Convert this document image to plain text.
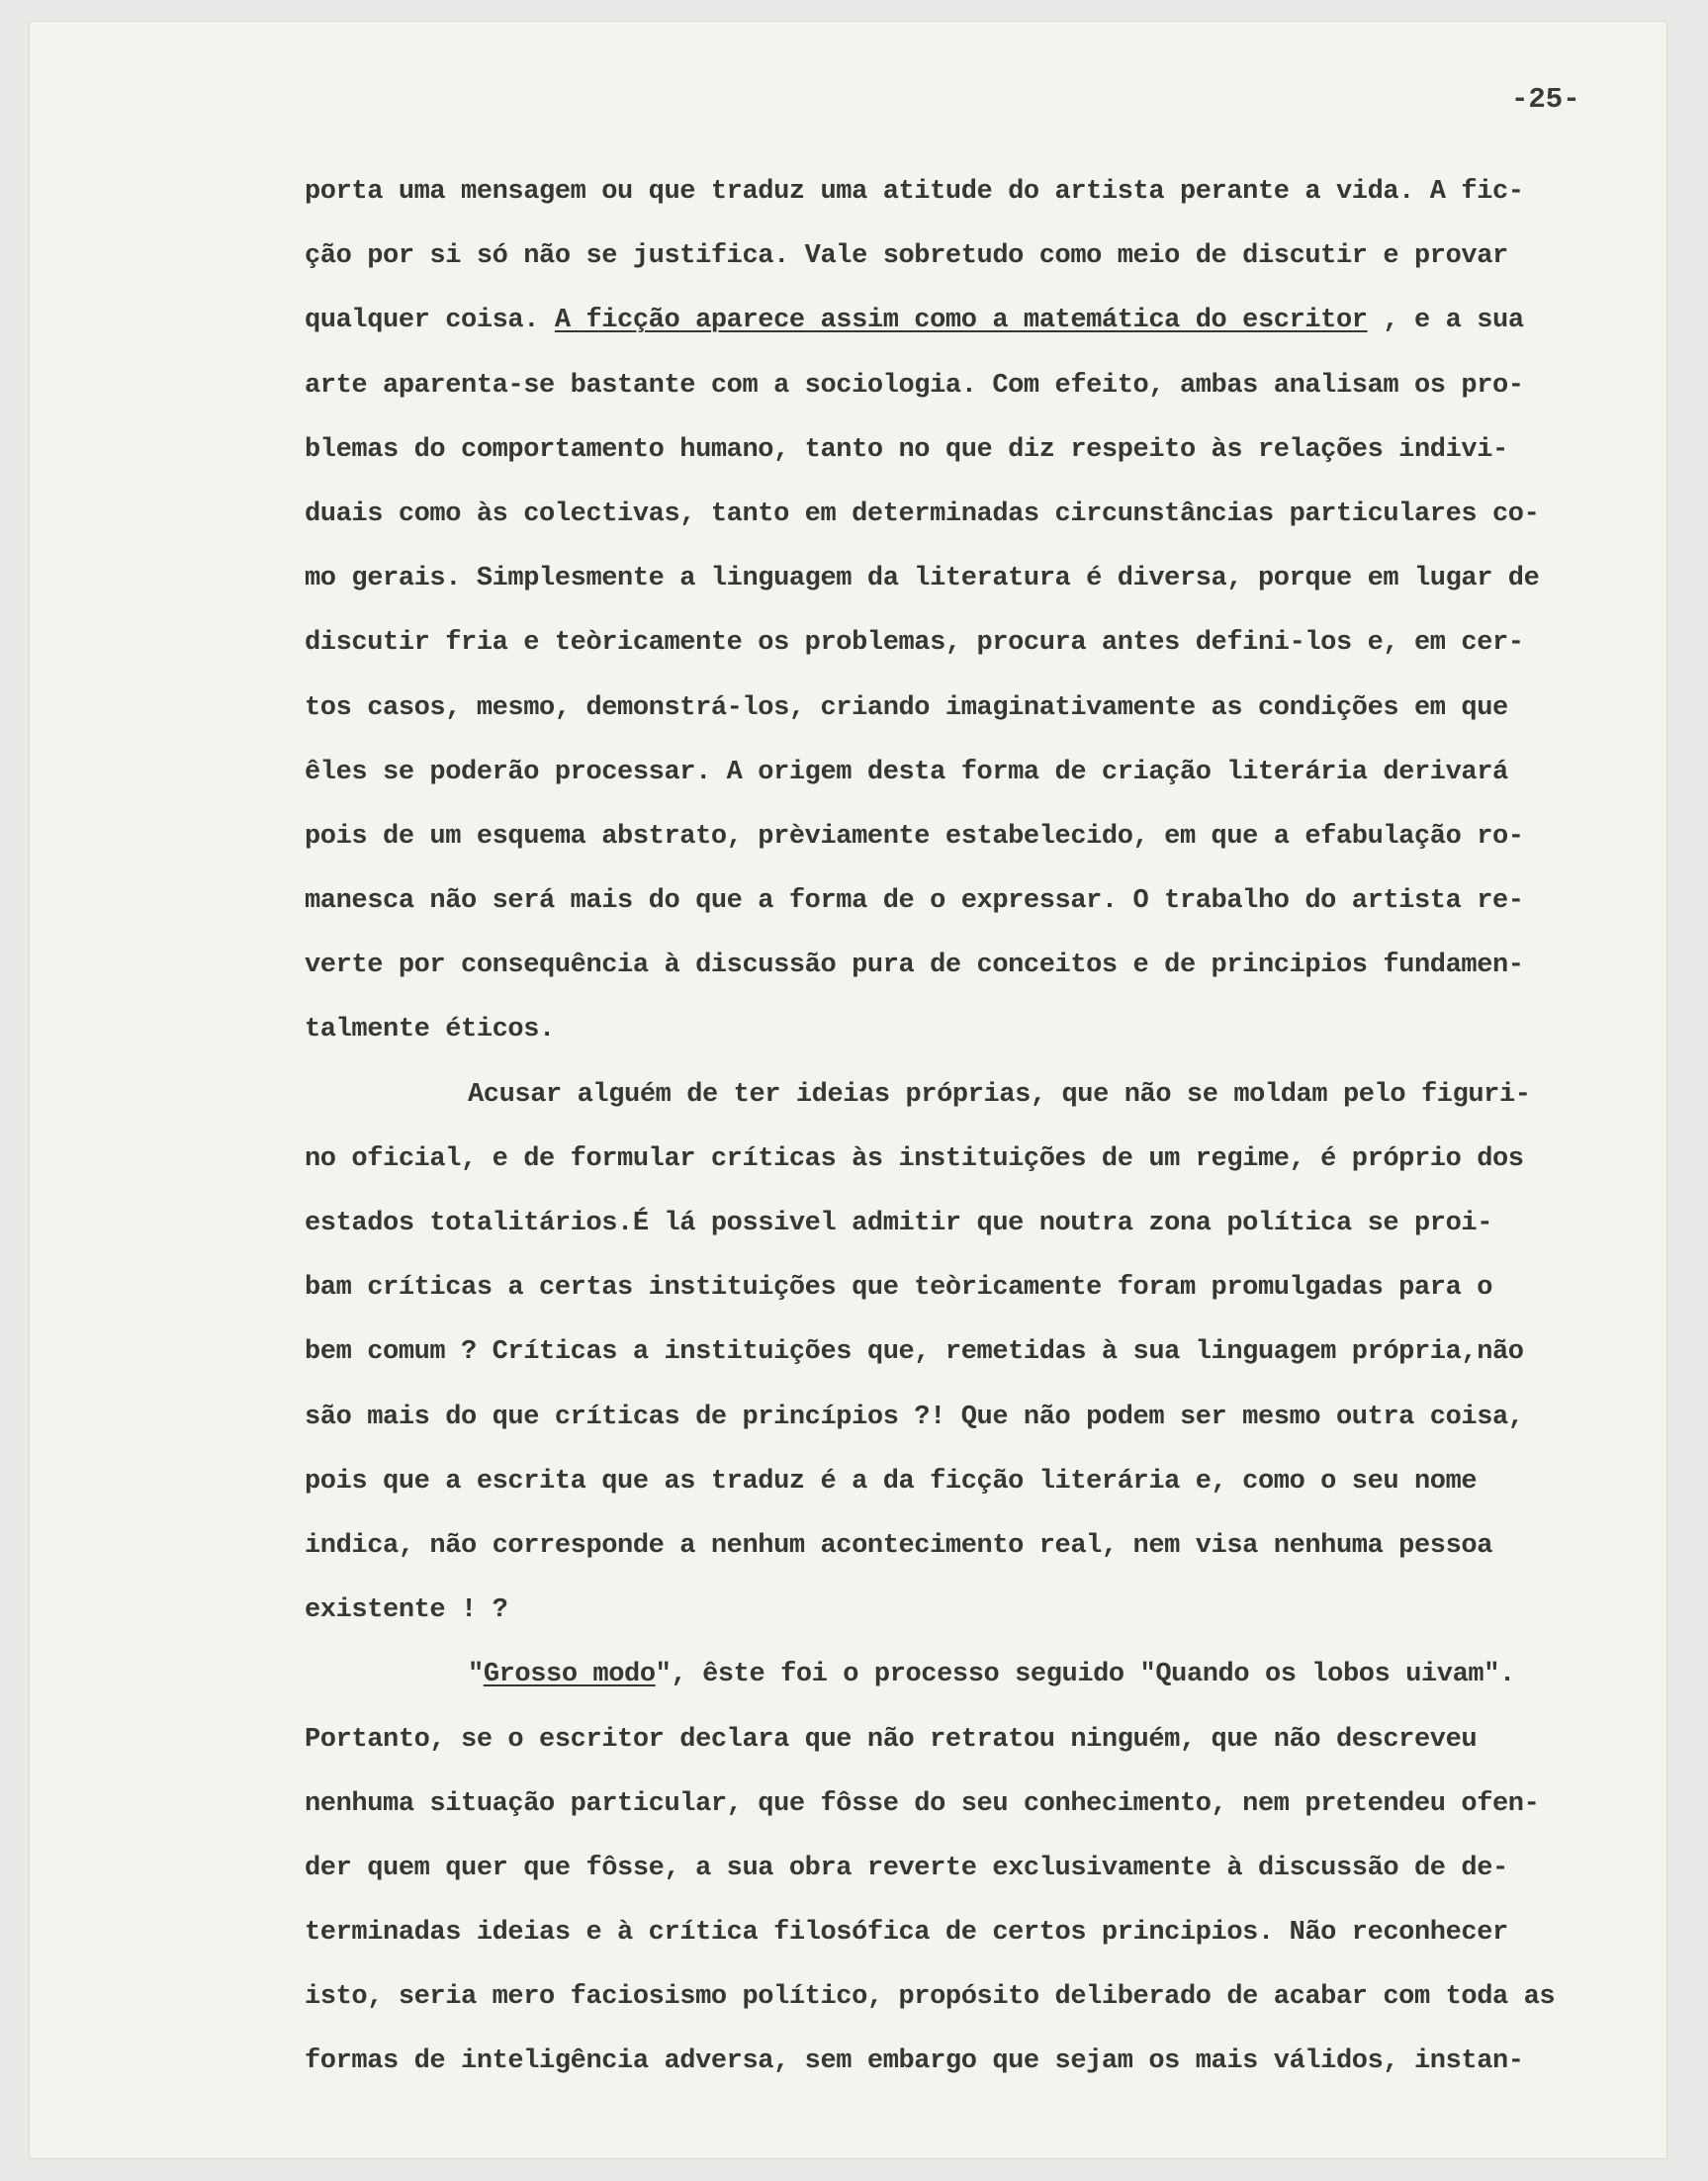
-25-
porta uma mensagem ou que traduz uma atitude do artista perante a vida. A fic-
ção por si só não se justifica. Vale sobretudo como meio de discutir e provar
qualquer coisa. A ficção aparece assim como a matemática do escritor , e a sua
arte aparenta-se bastante com a sociologia. Com efeito, ambas analisam os pro-
blemas do comportamento humano, tanto no que diz respeito às relações indivi-
duais como às colectivas, tanto em determinadas circunstâncias particulares co-
mo gerais. Simplesmente a linguagem da literatura é diversa, porque em lugar de
discutir fria e teòricamente os problemas, procura antes defini-los e, em cer-
tos casos, mesmo, demonstrá-los, criando imaginativamente as condições em que
êles se poderão processar. A origem desta forma de criação literária derivará
pois de um esquema abstrato, prèviamente estabelecido, em que a efabulação ro-
manesca não será mais do que a forma de o expressar. O trabalho do artista re-
verte por consequência à discussão pura de conceitos e de principios fundamen-
talmente éticos.
Acusar alguém de ter ideias próprias, que não se moldam pelo figuri-
no oficial, e de formular críticas às instituições de um regime, é próprio dos
estados totalitários.É lá possivel admitir que noutra zona política se proi-
bam críticas a certas instituições que teòricamente foram promulgadas para o
bem comum ? Críticas a instituições que, remetidas à sua linguagem própria,não
são mais do que críticas de princípios ?! Que não podem ser mesmo outra coisa,
pois que a escrita que as traduz é a da ficção literária e, como o seu nome
indica, não corresponde a nenhum acontecimento real, nem visa nenhuma pessoa
existente ! ?
"Grosso modo", êste foi o processo seguido "Quando os lobos uivam".
Portanto, se o escritor declara que não retratou ninguém, que não descreveu
nenhuma situação particular, que fôsse do seu conhecimento, nem pretendeu ofen-
der quem quer que fôsse, a sua obra reverte exclusivamente à discussão de de-
terminadas ideias e à crítica filosófica de certos principios. Não reconhecer
isto, seria mero faciosismo político, propósito deliberado de acabar com toda as
formas de inteligência adversa, sem embargo que sejam os mais válidos, instan-
